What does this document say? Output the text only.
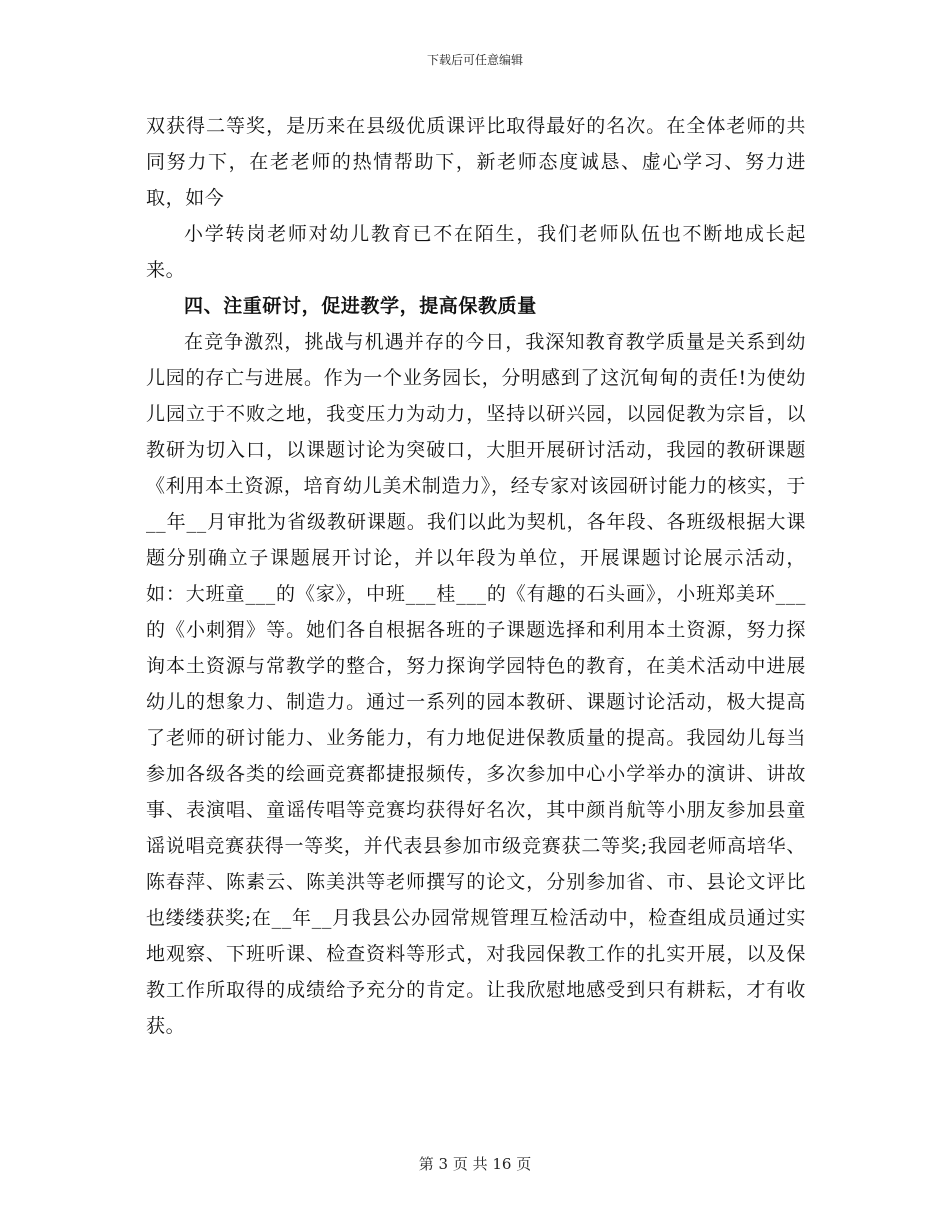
下载后可任意编辑

双获得二等奖，是历来在县级优质课评比取得最好的名次。在全体老师的共同努力下，在老老师的热情帮助下，新老师态度诚恳、虚心学习、努力进取，如今

小学转岗老师对幼儿教育已不在陌生，我们老师队伍也不断地成长起来。

四、注重研讨，促进教学，提高保教质量

在竞争激烈，挑战与机遇并存的今日，我深知教育教学质量是关系到幼儿园的存亡与进展。作为一个业务园长，分明感到了这沉甸甸的责任!为使幼儿园立于不败之地，我变压力为动力，坚持以研兴园，以园促教为宗旨，以教研为切入口，以课题讨论为突破口，大胆开展研讨活动，我园的教研课题《利用本土资源，培育幼儿美术制造力》，经专家对该园研讨能力的核实，于__年__月审批为省级教研课题。我们以此为契机，各年段、各班级根据大课题分别确立子课题展开讨论，并以年段为单位，开展课题讨论展示活动，如：大班童___的《家》，中班___桂___的《有趣的石头画》，小班郑美环___的《小刺猬》等。她们各自根据各班的子课题选择和利用本土资源，努力探询本土资源与常教学的整合，努力探询学园特色的教育，在美术活动中进展幼儿的想象力、制造力。通过一系列的园本教研、课题讨论活动，极大提高了老师的研讨能力、业务能力，有力地促进保教质量的提高。我园幼儿每当参加各级各类的绘画竞赛都捷报频传，多次参加中心小学举办的演讲、讲故事、表演唱、童谣传唱等竞赛均获得好名次，其中颜肖航等小朋友参加县童谣说唱竞赛获得一等奖，并代表县参加市级竞赛获二等奖;我园老师高培华、陈春萍、陈素云、陈美洪等老师撰写的论文，分别参加省、市、县论文评比也缕缕获奖;在__年__月我县公办园常规管理互检活动中，检查组成员通过实地观察、下班听课、检查资料等形式，对我园保教工作的扎实开展，以及保教工作所取得的成绩给予充分的肯定。让我欣慰地感受到只有耕耘，才有收获。

第 3 页 共 16 页
